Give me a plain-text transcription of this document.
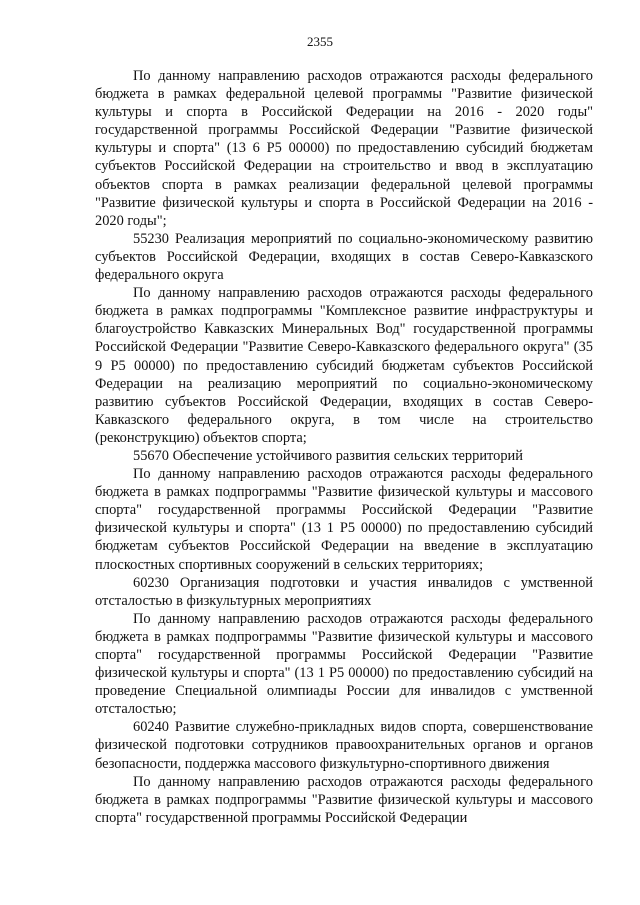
2355

По данному направлению расходов отражаются расходы федерального бюджета в рамках федеральной целевой программы "Развитие физической культуры и спорта в Российской Федерации на 2016 - 2020 годы" государственной программы Российской Федерации "Развитие физической культуры и спорта" (13 6 P5 00000) по предоставлению субсидий бюджетам субъектов Российской Федерации на строительство и ввод в эксплуатацию объектов спорта в рамках реализации федеральной целевой программы "Развитие физической культуры и спорта в Российской Федерации на 2016 - 2020 годы";

55230 Реализация мероприятий по социально-экономическому развитию субъектов Российской Федерации, входящих в состав Северо-Кавказского федерального округа

По данному направлению расходов отражаются расходы федерального бюджета в рамках подпрограммы "Комплексное развитие инфраструктуры и благоустройство Кавказских Минеральных Вод" государственной программы Российской Федерации "Развитие Северо-Кавказского федерального округа" (35 9 P5 00000) по предоставлению субсидий бюджетам субъектов Российской Федерации на реализацию мероприятий по социально-экономическому развитию субъектов Российской Федерации, входящих в состав Северо-Кавказского федерального округа, в том числе на строительство (реконструкцию) объектов спорта;

55670 Обеспечение устойчивого развития сельских территорий

По данному направлению расходов отражаются расходы федерального бюджета в рамках подпрограммы "Развитие физической культуры и массового спорта" государственной программы Российской Федерации "Развитие физической культуры и спорта" (13 1 P5 00000) по предоставлению субсидий бюджетам субъектов Российской Федерации на введение в эксплуатацию плоскостных спортивных сооружений в сельских территориях;

60230 Организация подготовки и участия инвалидов с умственной отсталостью в физкультурных мероприятиях

По данному направлению расходов отражаются расходы федерального бюджета в рамках подпрограммы "Развитие физической культуры и массового спорта" государственной программы Российской Федерации "Развитие физической культуры и спорта" (13 1 P5 00000) по предоставлению субсидий на проведение Специальной олимпиады России для инвалидов с умственной отсталостью;

60240 Развитие служебно-прикладных видов спорта, совершенствование физической подготовки сотрудников правоохранительных органов и органов безопасности, поддержка массового физкультурно-спортивного движения

По данному направлению расходов отражаются расходы федерального бюджета в рамках подпрограммы "Развитие физической культуры и массового спорта" государственной программы Российской Федерации
